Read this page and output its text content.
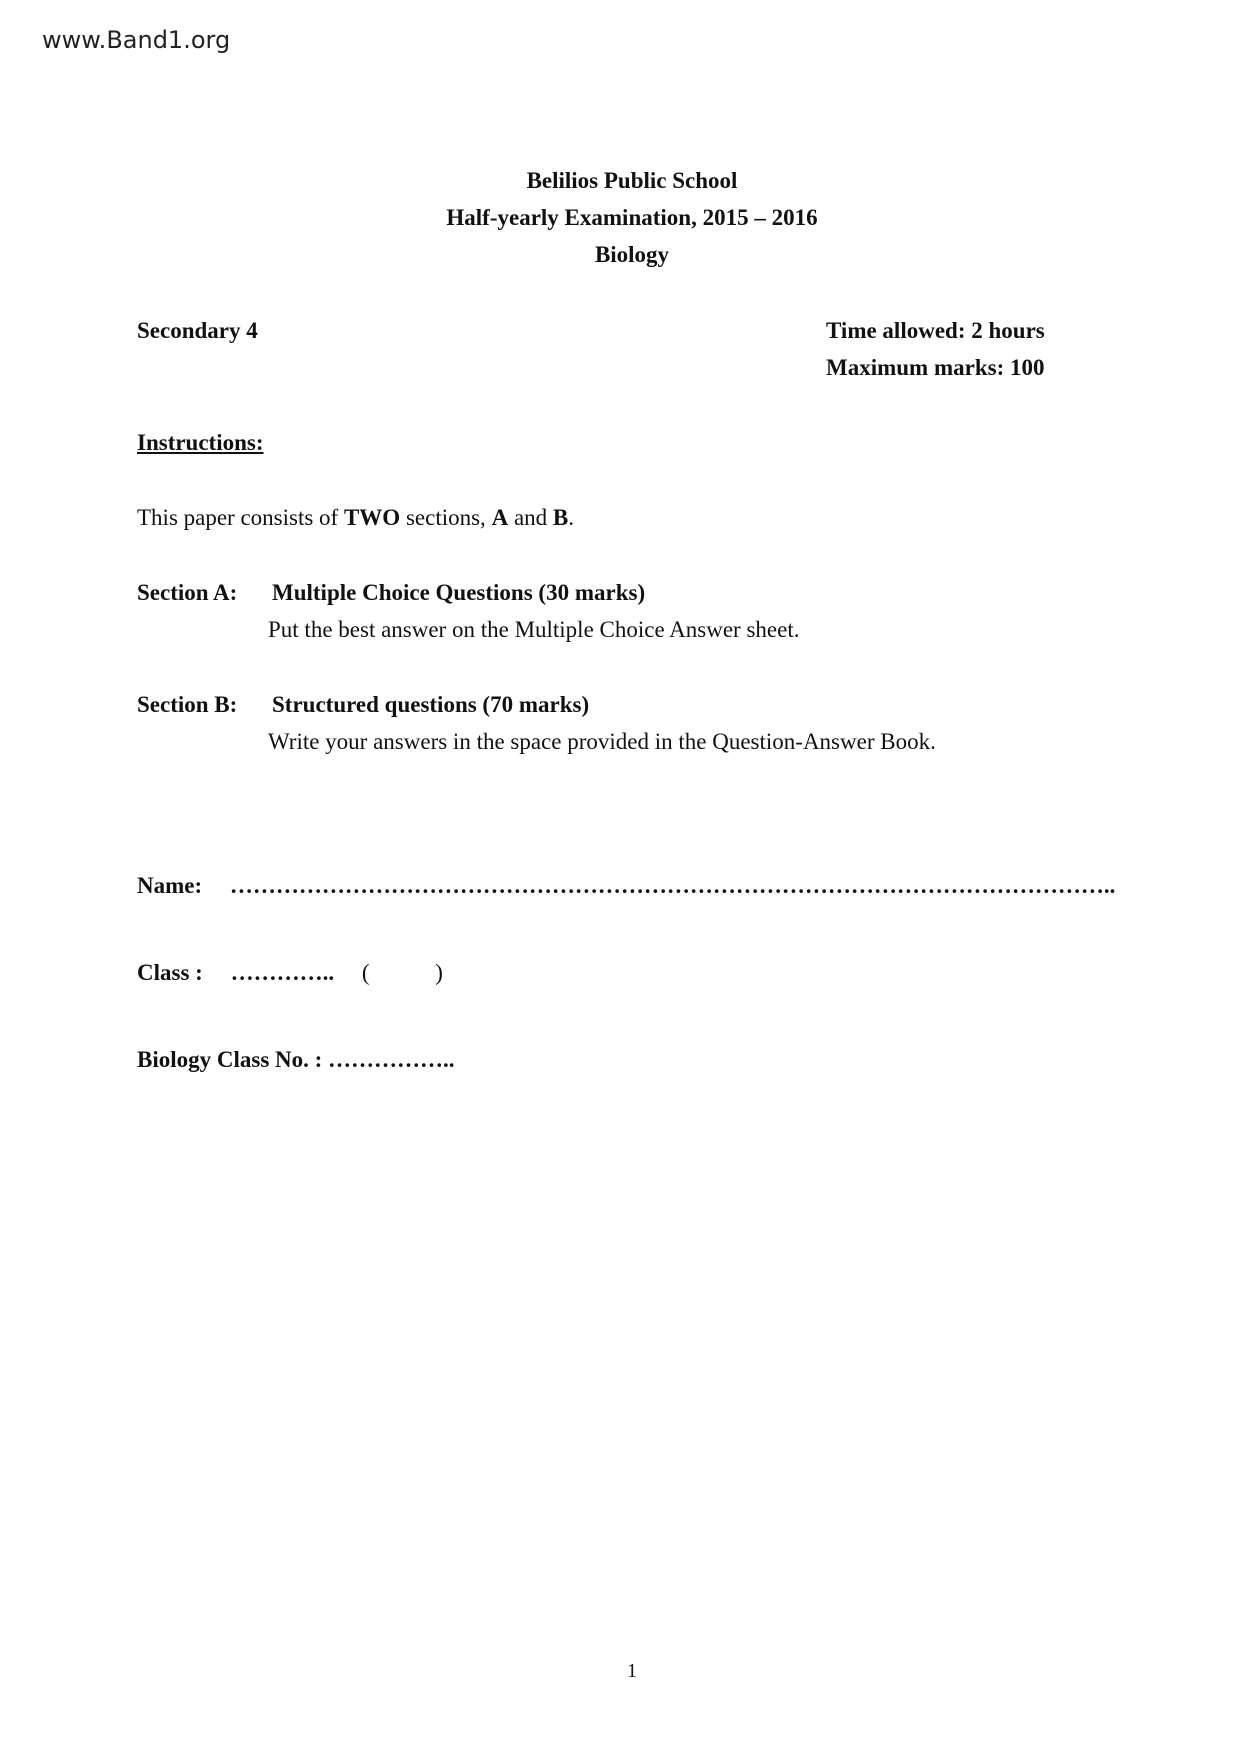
www.Band1.org
Belilios Public School
Half-yearly Examination, 2015 – 2016
Biology
Secondary 4	Time allowed: 2 hours
Maximum marks: 100
Instructions:
This paper consists of TWO sections, A and B.
Section A: Multiple Choice Questions (30 marks)
Put the best answer on the Multiple Choice Answer sheet.
Section B: Structured questions (70 marks)
Write your answers in the space provided in the Question-Answer Book.
Name: ……………………………………………………………………………………………………..
Class : ………….. (	)
Biology Class No. : ……………..
1
